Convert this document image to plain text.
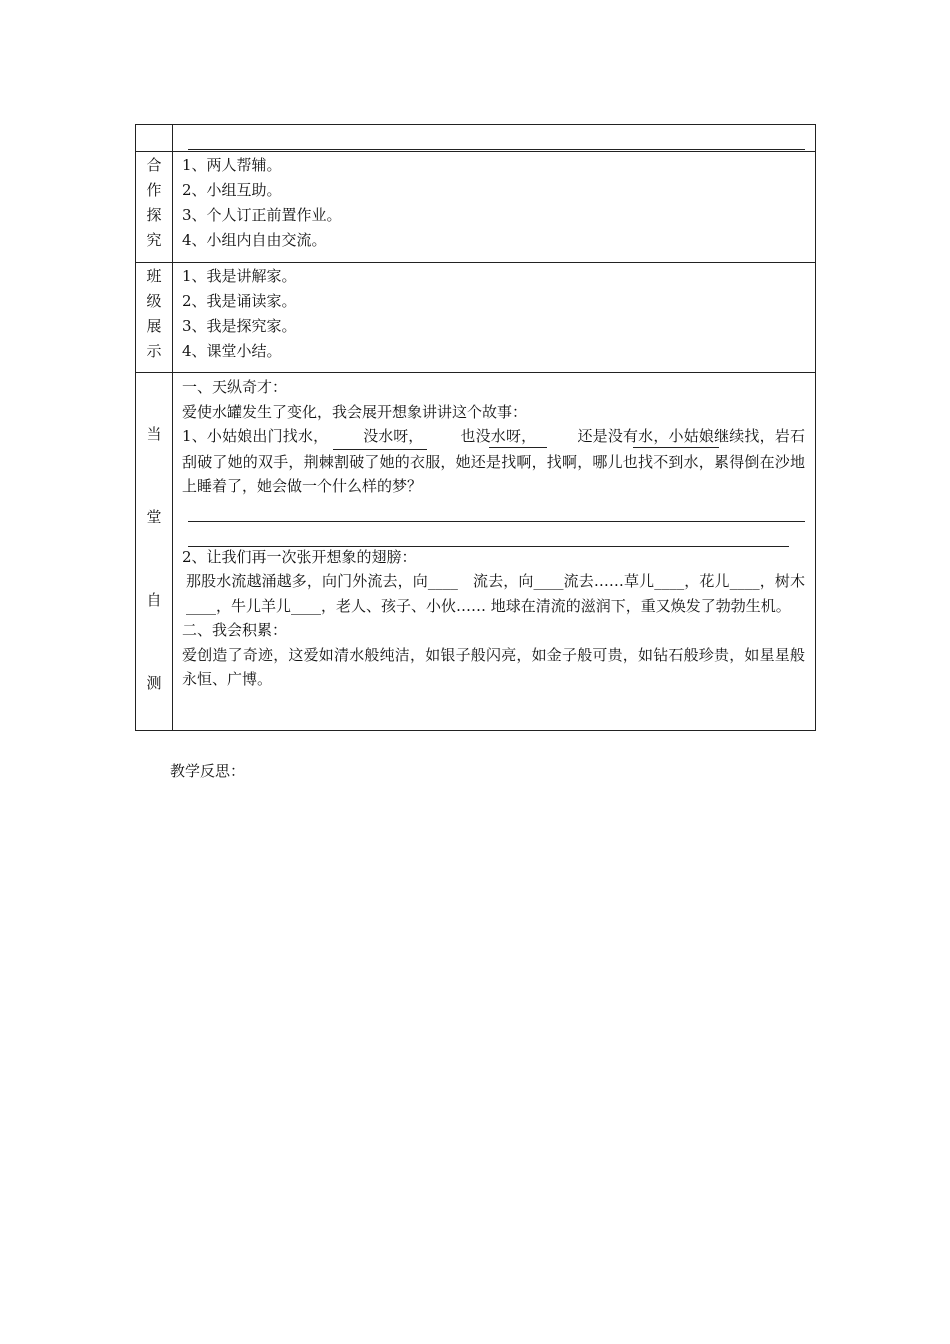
合
作
探
究
1、两人帮辅。
2、小组互助。
3、个人订正前置作业。
4、小组内自由交流。
班
级
展
示
1、我是讲解家。
2、我是诵读家。
3、我是探究家。
4、课堂小结。
当
堂
自
测
一、天纵奇才：
爱使水罐发生了变化，我会展开想象讲讲这个故事：
1、小姑娘出门找水， 没水呀， 也没水呀，	还是没有水，小姑娘继续找，岩石刮破了她的双手，荆棘割破了她的衣服，她还是找啊，找啊，哪儿也找不到水，累得倒在沙地上睡着了，她会做一个什么样的梦？
2、让我们再一次张开想象的翅膀：
那股水流越涌越多，向门外流去，向____　流去，向____流去……草儿____，花儿____，树木____，牛儿羊儿____，老人、孩子、小伙…… 地球在清流的滋润下，重又焕发了勃勃生机。
二、我会积累：
爱创造了奇迹，这爱如清水般纯洁，如银子般闪亮，如金子般可贵，如钻石般珍贵，如星星般永恒、广博。
教学反思：
